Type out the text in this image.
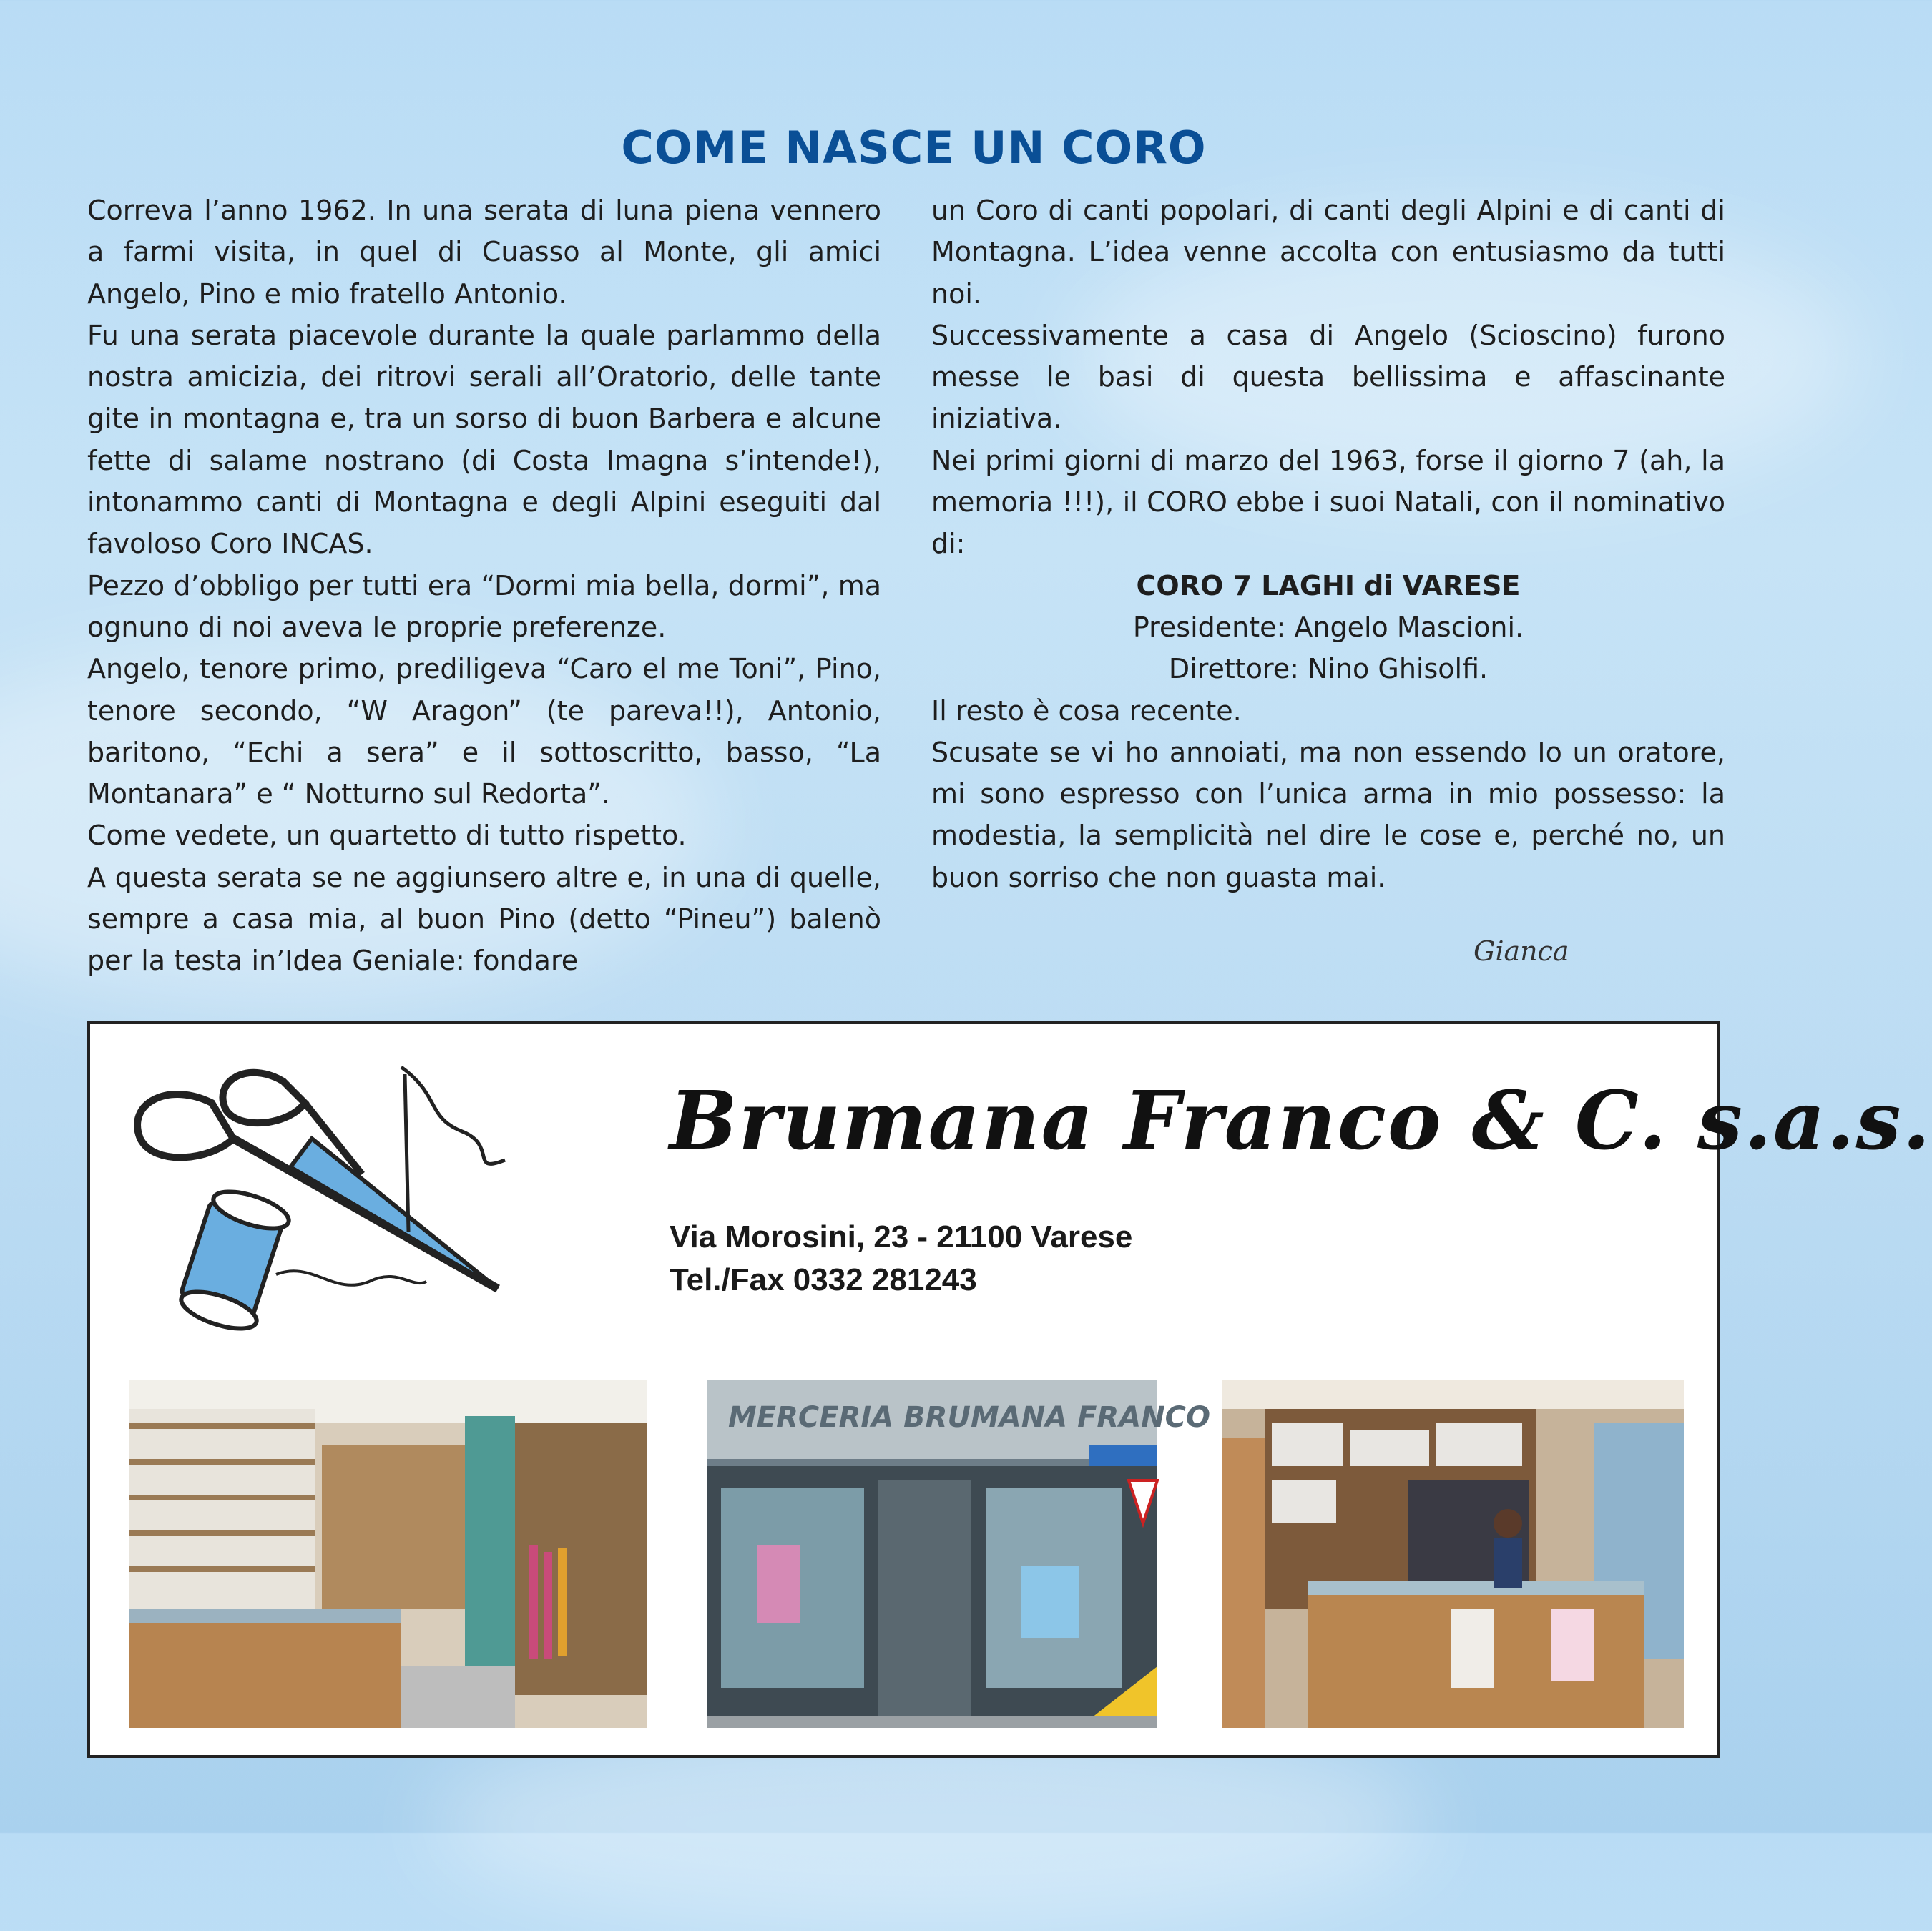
COME NASCE UN CORO

Correva l’anno 1962. In una serata di luna piena vennero a farmi visita, in quel di Cuasso al Monte, gli amici Angelo, Pino e mio fratello Antonio.

Fu una serata piacevole durante la quale parlammo della nostra amicizia, dei ritrovi serali all’Oratorio, delle tante gite in montagna e, tra un sorso di buon Barbera e alcune fette di salame nostrano (di Costa Imagna s’intende!), intonammo canti di Montagna e degli Alpini eseguiti dal favoloso Coro INCAS.

Pezzo d’obbligo per tutti era “Dormi mia bella, dormi”, ma ognuno di noi aveva le proprie preferenze.

Angelo, tenore primo, prediligeva “Caro el me Toni”, Pino, tenore secondo, “W Aragon” (te pareva!!), Antonio, baritono, “Echi a sera” e il sottoscritto, basso, “La Montanara” e “ Notturno sul Redorta”.

Come vedete, un quartetto di tutto rispetto.

A questa serata se ne aggiunsero altre e, in una di quelle, sempre a casa mia, al buon Pino (detto “Pineu”) balenò per la testa in’Idea Geniale: fondare

un Coro di canti popolari, di canti degli Alpini e di canti di Montagna. L’idea venne accolta con entusiasmo da tutti noi.

Successivamente a casa di Angelo (Scioscino) furono messe le basi di questa bellissima e affascinante iniziativa.

Nei primi giorni di marzo del 1963, forse il giorno 7 (ah, la memoria !!!), il CORO ebbe i suoi Natali, con il nominativo di:

CORO 7 LAGHI di VARESE

Presidente: Angelo Mascioni.

Direttore: Nino Ghisolfi.

Il resto è cosa recente.

Scusate se vi ho annoiati, ma non essendo Io un oratore, mi sono espresso con l’unica arma in mio possesso: la modestia, la semplicità nel dire le cose e, perché no, un buon sorriso che non guasta mai.

Gianca
Brumana Franco & C. s.a.s.
Via Morosini, 23 - 21100 Varese
Tel./Fax 0332 281243
MERCERIA BRUMANA FRANCO
